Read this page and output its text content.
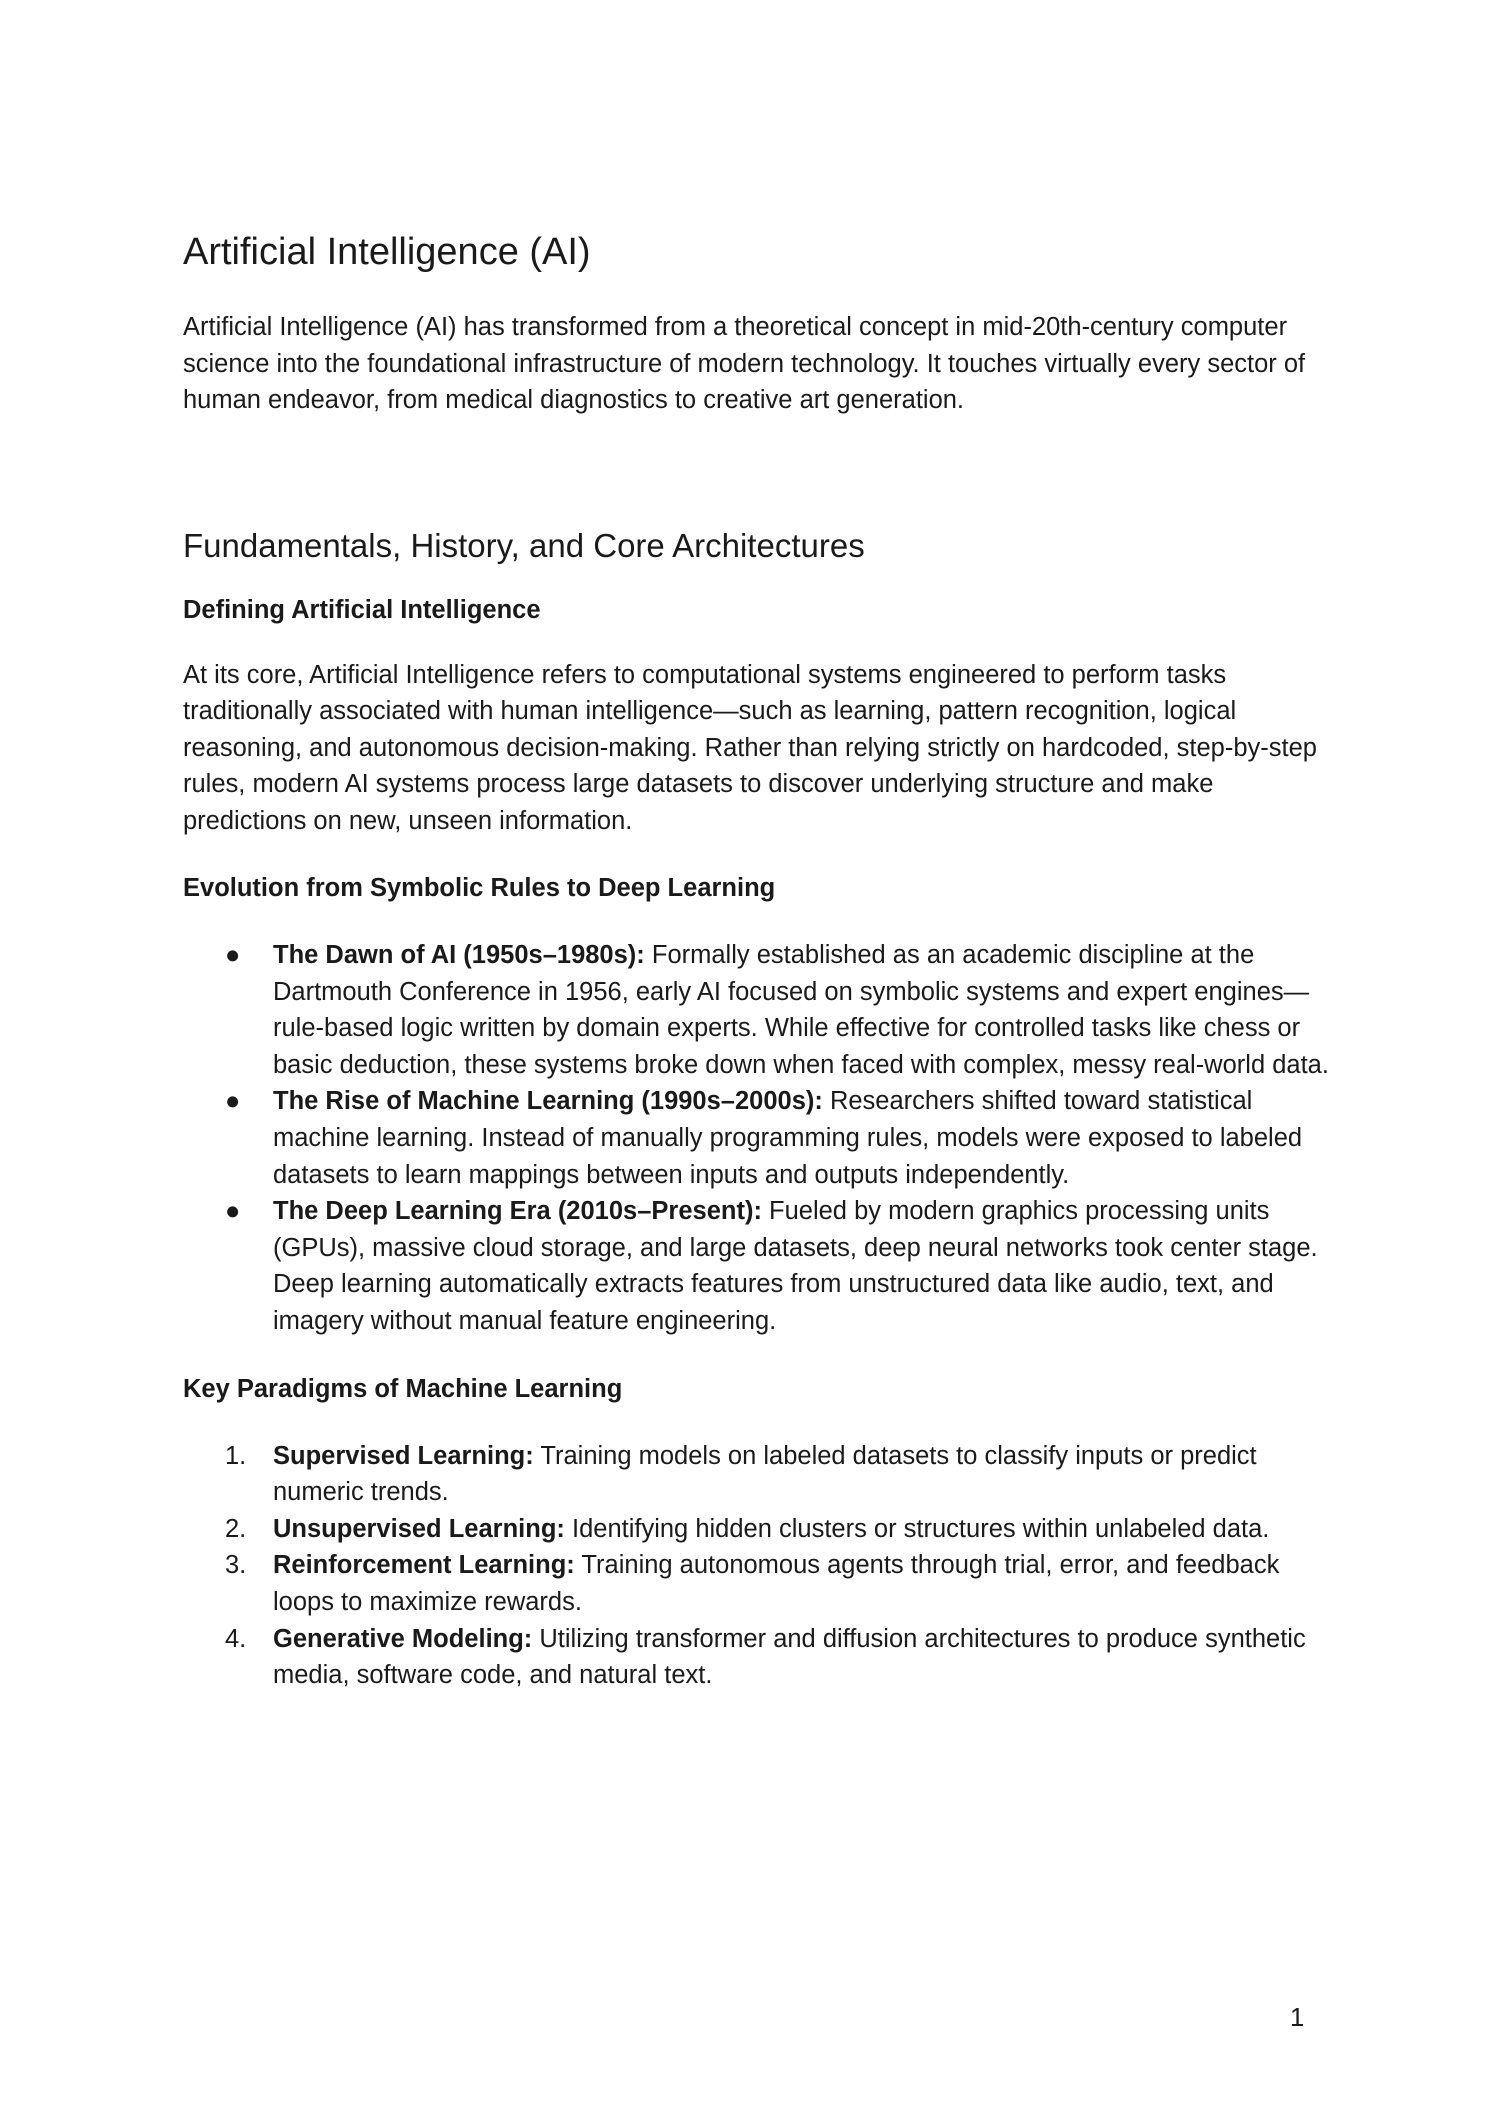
Artificial Intelligence (AI)

Artificial Intelligence (AI) has transformed from a theoretical concept in mid-20th-century computer science into the foundational infrastructure of modern technology. It touches virtually every sector of human endeavor, from medical diagnostics to creative art generation.

Fundamentals, History, and Core Architectures
Defining Artificial Intelligence

At its core, Artificial Intelligence refers to computational systems engineered to perform tasks traditionally associated with human intelligence—such as learning, pattern recognition, logical reasoning, and autonomous decision-making. Rather than relying strictly on hardcoded, step-by-step rules, modern AI systems process large datasets to discover underlying structure and make predictions on new, unseen information.

Evolution from Symbolic Rules to Deep Learning
●	The Dawn of AI (1950s–1980s): Formally established as an academic discipline at the Dartmouth Conference in 1956, early AI focused on symbolic systems and expert engines—rule-based logic written by domain experts. While effective for controlled tasks like chess or basic deduction, these systems broke down when faced with complex, messy real-world data.
●	The Rise of Machine Learning (1990s–2000s): Researchers shifted toward statistical machine learning. Instead of manually programming rules, models were exposed to labeled datasets to learn mappings between inputs and outputs independently.
●	The Deep Learning Era (2010s–Present): Fueled by modern graphics processing units (GPUs), massive cloud storage, and large datasets, deep neural networks took center stage. Deep learning automatically extracts features from unstructured data like audio, text, and imagery without manual feature engineering.
Key Paradigms of Machine Learning
1.	Supervised Learning: Training models on labeled datasets to classify inputs or predict numeric trends.
2.	Unsupervised Learning: Identifying hidden clusters or structures within unlabeled data.
3.	Reinforcement Learning: Training autonomous agents through trial, error, and feedback loops to maximize rewards.
4.	Generative Modeling: Utilizing transformer and diffusion architectures to produce synthetic media, software code, and natural text.
1
